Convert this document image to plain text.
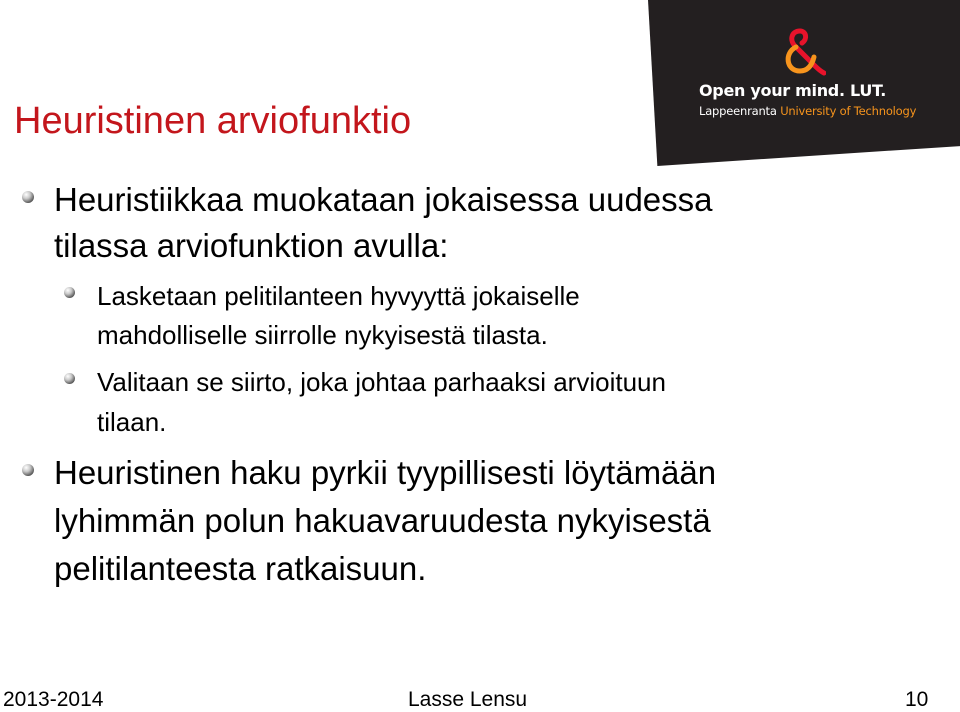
Open your mind. LUT.
Lappeenranta University of Technology
Heuristinen arviofunktio
Heuristiikkaa muokataan jokaisessa uudessa
tilassa arviofunktion avulla:
Lasketaan pelitilanteen hyvyyttä jokaiselle
mahdolliselle siirrolle nykyisestä tilasta.
Valitaan se siirto, joka johtaa parhaaksi arvioituun
tilaan.
Heuristinen haku pyrkii tyypillisesti löytämään
lyhimmän polun hakuavaruudesta nykyisestä
pelitilanteesta ratkaisuun.
2013-2014	Lasse Lensu	10
